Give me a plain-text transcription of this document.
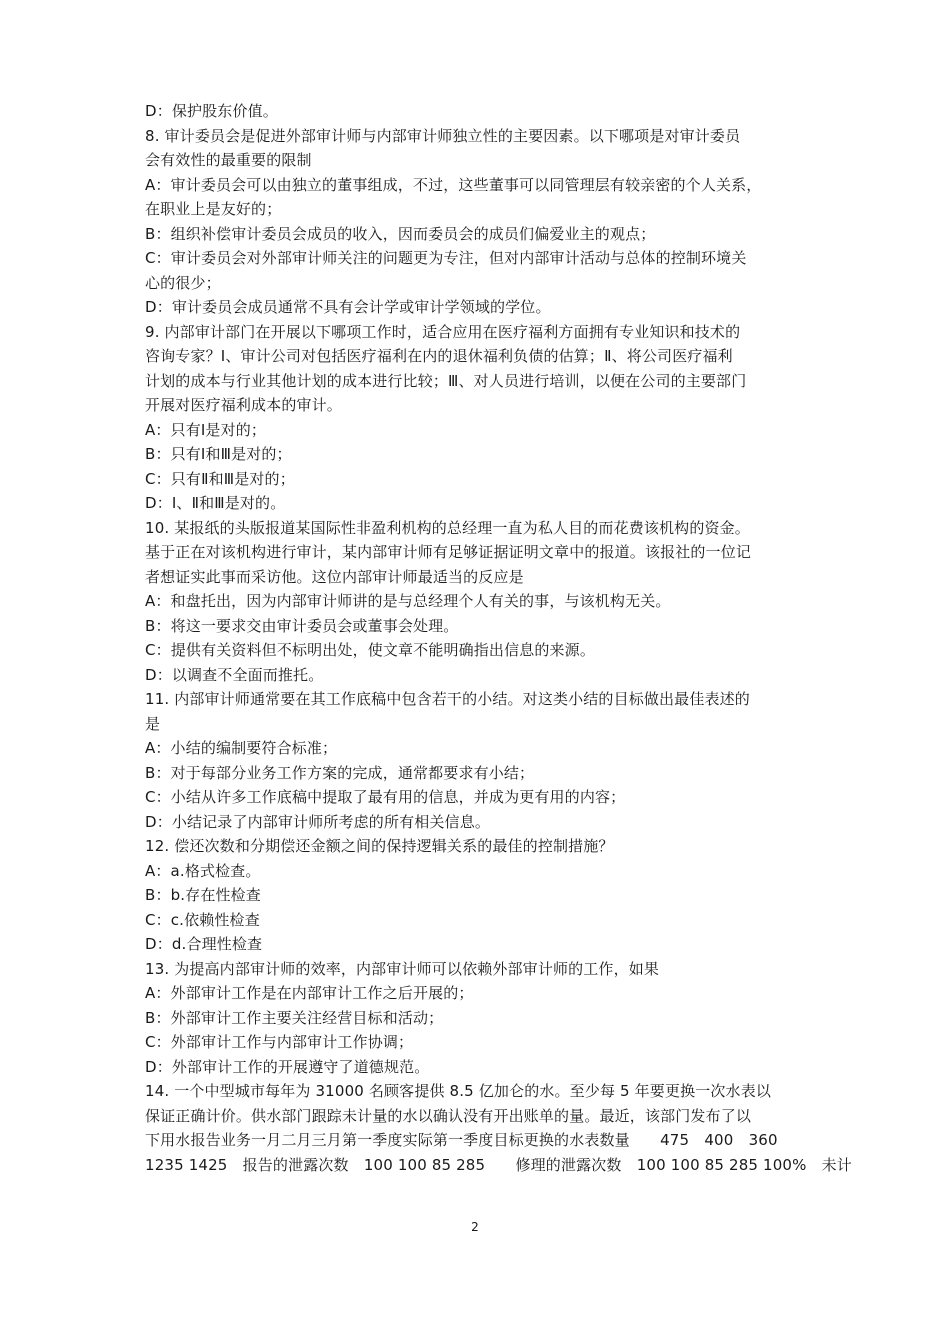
D：保护股东价值。
8. 审计委员会是促进外部审计师与内部审计师独立性的主要因素。以下哪项是对审计委员
会有效性的最重要的限制
A：审计委员会可以由独立的董事组成，不过，这些董事可以同管理层有较亲密的个人关系，
在职业上是友好的；
B：组织补偿审计委员会成员的收入，因而委员会的成员们偏爱业主的观点；
C：审计委员会对外部审计师关注的问题更为专注，但对内部审计活动与总体的控制环境关
心的很少；
D：审计委员会成员通常不具有会计学或审计学领域的学位。
9. 内部审计部门在开展以下哪项工作时，适合应用在医疗福利方面拥有专业知识和技术的
咨询专家？Ⅰ、审计公司对包括医疗福利在内的退休福利负债的估算；Ⅱ、将公司医疗福利
计划的成本与行业其他计划的成本进行比较；Ⅲ、对人员进行培训，以便在公司的主要部门
开展对医疗福利成本的审计。
A：只有Ⅰ是对的；
B：只有Ⅰ和Ⅲ是对的；
C：只有Ⅱ和Ⅲ是对的；
D：Ⅰ、Ⅱ和Ⅲ是对的。
10. 某报纸的头版报道某国际性非盈利机构的总经理一直为私人目的而花费该机构的资金。
基于正在对该机构进行审计，某内部审计师有足够证据证明文章中的报道。该报社的一位记
者想证实此事而采访他。这位内部审计师最适当的反应是
A：和盘托出，因为内部审计师讲的是与总经理个人有关的事，与该机构无关。
B：将这一要求交由审计委员会或董事会处理。
C：提供有关资料但不标明出处，使文章不能明确指出信息的来源。
D：以调查不全面而推托。
11. 内部审计师通常要在其工作底稿中包含若干的小结。对这类小结的目标做出最佳表述的
是
A：小结的编制要符合标准；
B：对于每部分业务工作方案的完成，通常都要求有小结；
C：小结从许多工作底稿中提取了最有用的信息，并成为更有用的内容；
D：小结记录了内部审计师所考虑的所有相关信息。
12. 偿还次数和分期偿还金额之间的保持逻辑关系的最佳的控制措施？
A：a.格式检查。
B：b.存在性检查
C：c.依赖性检查
D：d.合理性检查
13. 为提高内部审计师的效率，内部审计师可以依赖外部审计师的工作，如果
A：外部审计工作是在内部审计工作之后开展的；
B：外部审计工作主要关注经营目标和活动；
C：外部审计工作与内部审计工作协调；
D：外部审计工作的开展遵守了道德规范。
14. 一个中型城市每年为 31000 名顾客提供 8.5 亿加仑的水。至少每 5 年要更换一次水表以
保证正确计价。供水部门跟踪未计量的水以确认没有开出账单的量。最近，该部门发布了以
下用水报告业务一月二月三月第一季度实际第一季度目标更换的水表数量　　475　400　360
1235 1425　报告的泄露次数　100 100 85 285　　修理的泄露次数　100 100 85 285 100%　未计
2
